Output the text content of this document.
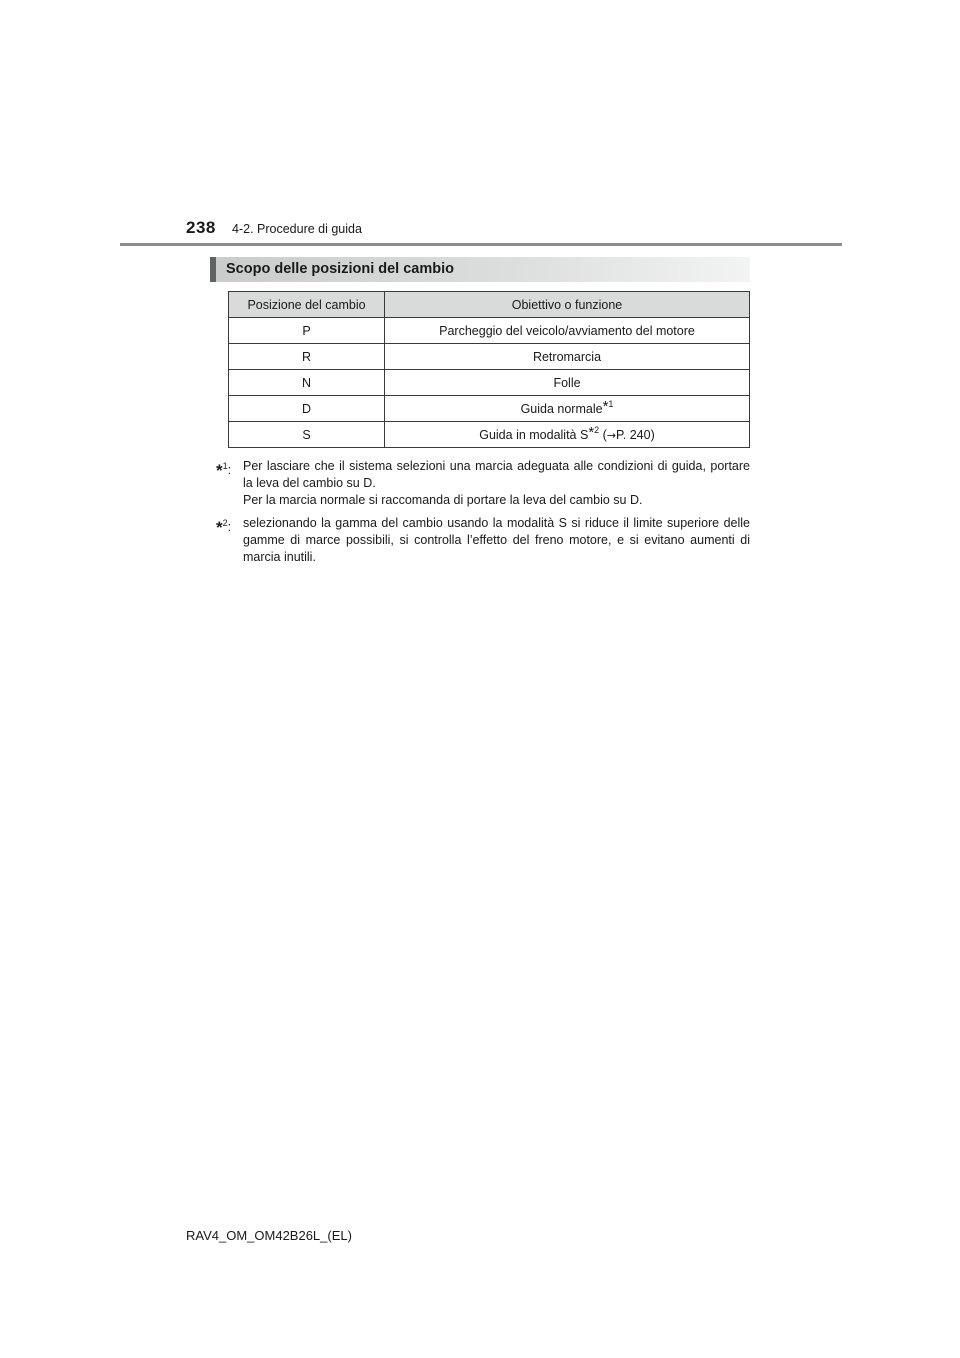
238 4-2. Procedure di guida
Scopo delle posizioni del cambio
Posizione del cambio	Obiettivo o funzione
P	Parcheggio del veicolo/avviamento del motore
R	Retromarcia
N	Folle
D	Guida normale$^{*^1}$
S	Guida in modalità $S^{*^2}$ (→P. 240)
*$^1$: Per lasciare che il sistema selezioni una marcia adeguata alle condizioni di guida, portare la leva del cambio su D.

Per la marcia normale si raccomanda di portare la leva del cambio su D.

*$^2$: selezionando la gamma del cambio usando la modalità S si riduce il limite superiore delle gamme di marce possibili, si controlla l’effetto del freno motore, e si evitano aumenti di marcia inutili.

RAV4_OM_OM42B26L_(EL)
